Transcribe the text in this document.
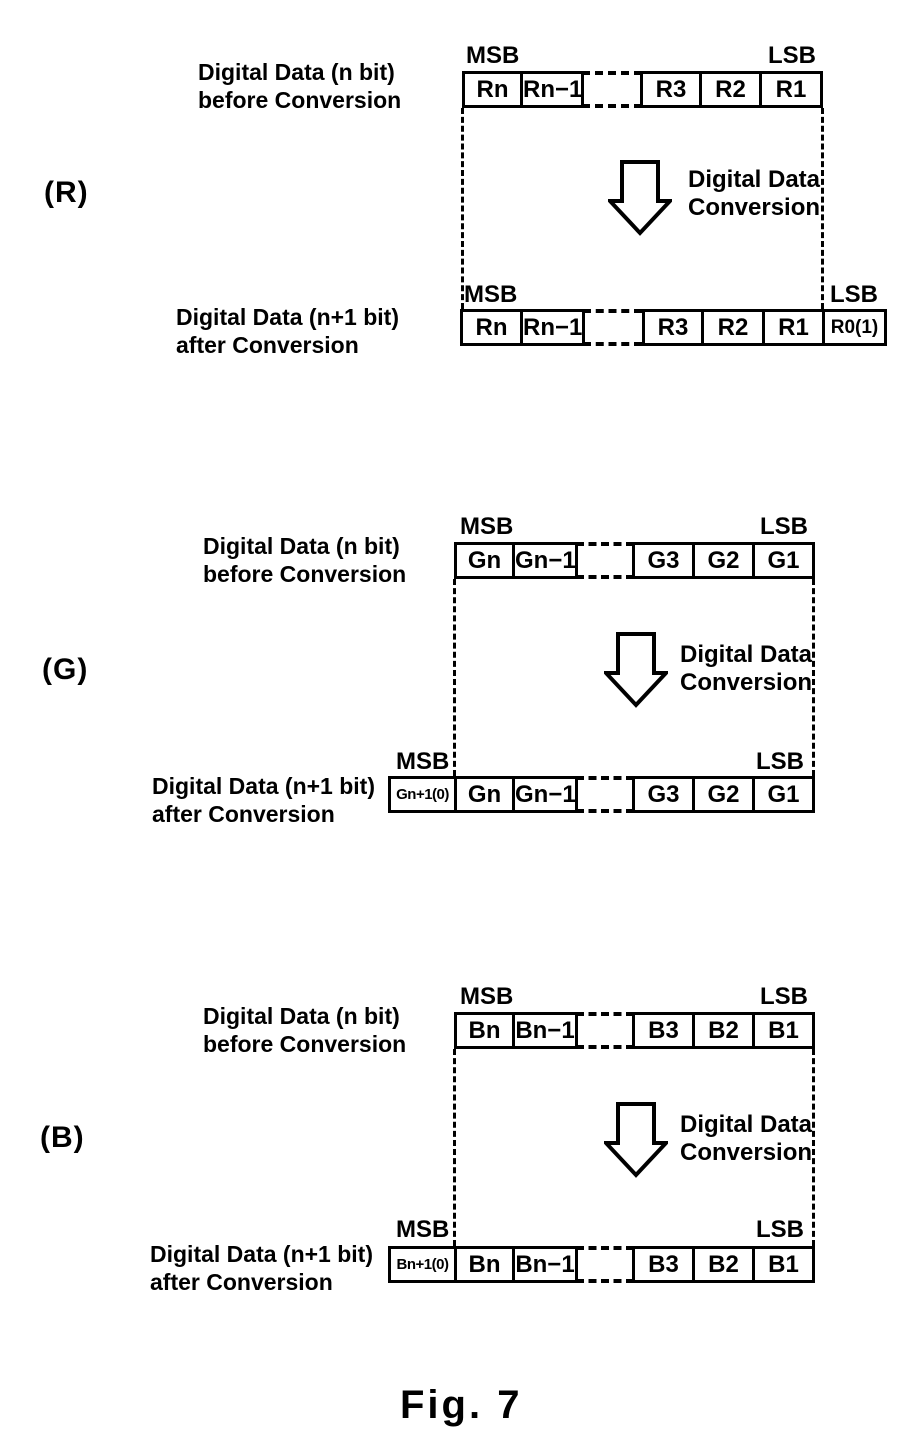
Digital Data (n bit)
before Conversion
(R)
MSB	LSB
Rn Rn−1	R3	R2	R1
Digital Data
Conversion
Digital Data (n+1 bit)
after Conversion
MSB	LSB
Rn Rn−1	R3	R2	R1	R0(1)
Digital Data (n bit)
before Conversion
(G)
MSB	LSB
Gn Gn−1	G3	G2	G1
Digital Data
Conversion
Digital Data (n+1 bit)
after Conversion
MSB	LSB
Gn+1(0) Gn Gn−1	G3	G2	G1
Digital Data (n bit)
before Conversion
(B)
MSB	LSB
Bn Bn−1	B3	B2	B1
Digital Data
Conversion
Digital Data (n+1 bit)
after Conversion
MSB	LSB
Bn+1(0) Bn Bn−1	B3	B2	B1
Fig. 7
